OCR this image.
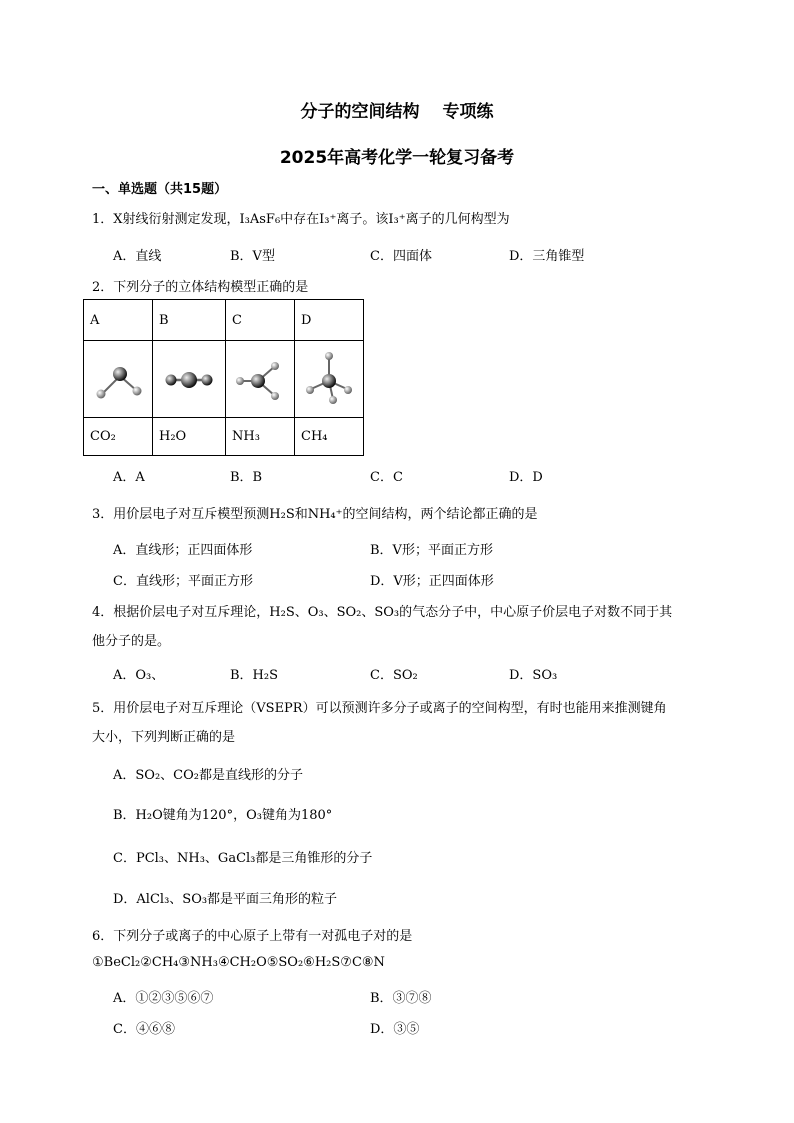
分子的空间结构　 专项练
2025年高考化学一轮复习备考
一、单选题（共15题）
1．X射线衍射测定发现，I₃AsF₆中存在I₃⁺离子。该I₃⁺离子的几何构型为
A．直线	B．V型	C．四面体	D．三角锥型
2．下列分子的立体结构模型正确的是
A	B	C	D

CO₂	H₂O	NH₃	CH₄
A．A	B．B	C．C	D．D
3．用价层电子对互斥模型预测H₂S和NH₄⁺的空间结构，两个结论都正确的是
A．直线形；正四面体形	B．V形；平面正方形
C．直线形；平面正方形	D．V形；正四面体形
4．根据价层电子对互斥理论，H₂S、O₃、SO₂、SO₃的气态分子中，中心原子价层电子对数不同于其
他分子的是。
A．O₃、	B．H₂S	C．SO₂	D．SO₃
5．用价层电子对互斥理论（VSEPR）可以预测许多分子或离子的空间构型，有时也能用来推测键角
大小，下列判断正确的是
A．SO₂、CO₂都是直线形的分子
B．H₂O键角为120°，O₃键角为180°
C．PCl₃、NH₃、GaCl₃都是三角锥形的分子
D．AlCl₃、SO₃都是平面三角形的粒子
6．下列分子或离子的中心原子上带有一对孤电子对的是
①BeCl₂②CH₄③NH₃④CH₂O⑤SO₂⑥H₂S⑦C⑧N
A．①②③⑤⑥⑦	B．③⑦⑧
C．④⑥⑧	D．③⑤
